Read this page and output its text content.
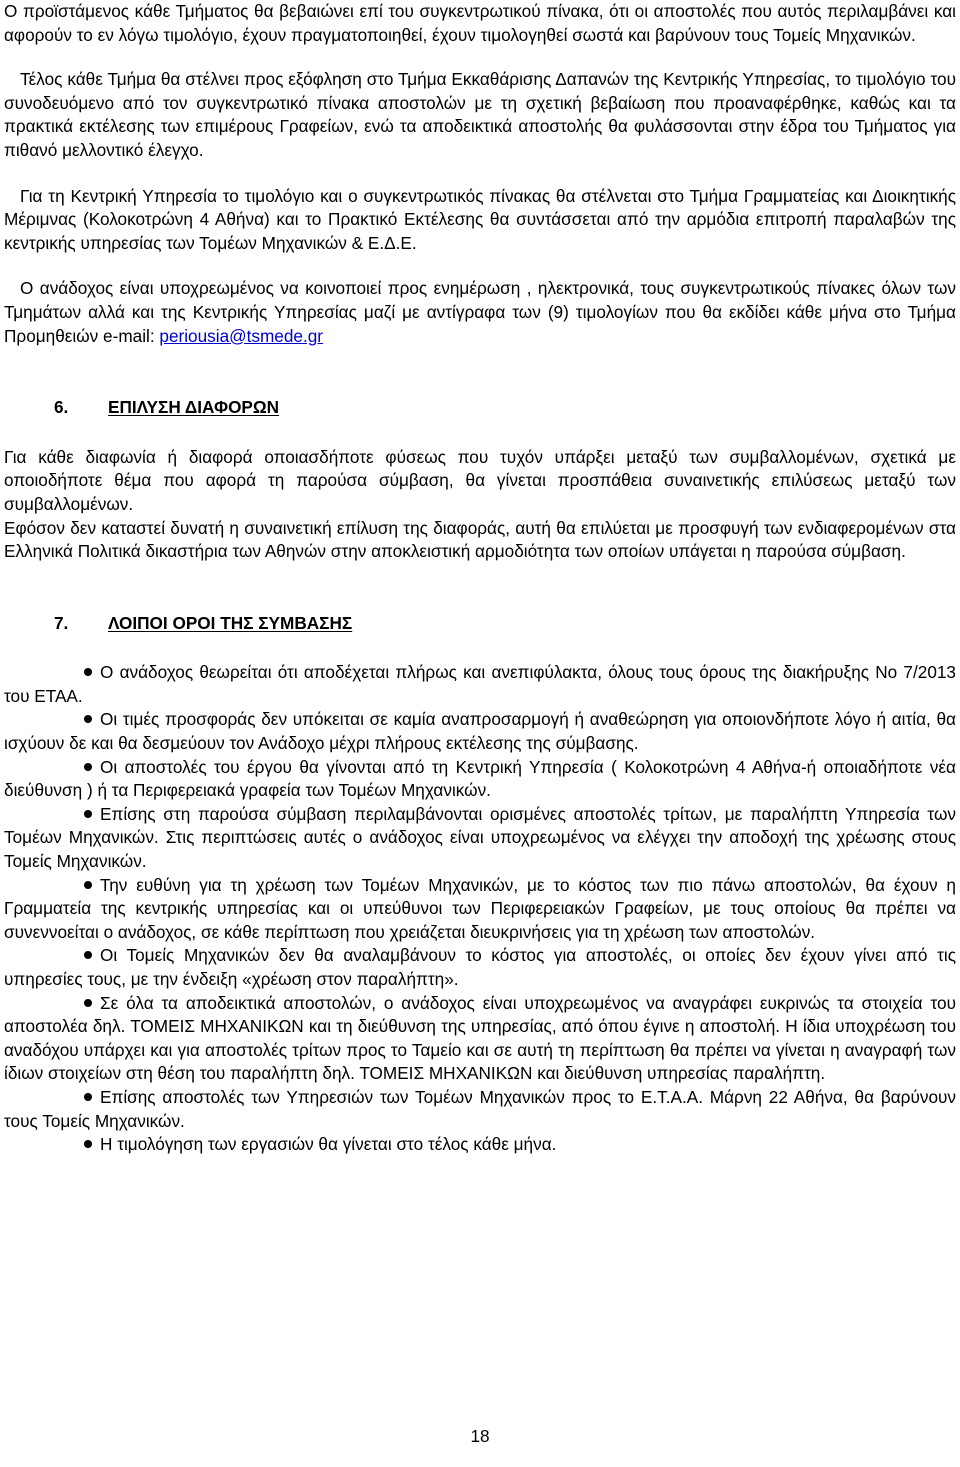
Ο προϊστάμενος κάθε Τμήματος θα βεβαιώνει επί του συγκεντρωτικού πίνακα, ότι οι αποστολές που αυτός περιλαμβάνει και αφορούν το εν λόγω τιμολόγιο, έχουν πραγματοποιηθεί, έχουν τιμολογηθεί σωστά και βαρύνουν τους Τομείς Μηχανικών.

Τέλος κάθε Τμήμα θα στέλνει προς εξόφληση στο Τμήμα Εκκαθάρισης Δαπανών της Κεντρικής Υπηρεσίας, το τιμολόγιο του συνοδευόμενο από τον συγκεντρωτικό πίνακα αποστολών με τη σχετική βεβαίωση που προαναφέρθηκε, καθώς και τα πρακτικά εκτέλεσης των επιμέρους Γραφείων, ενώ τα αποδεικτικά αποστολής θα φυλάσσονται στην έδρα του Τμήματος για πιθανό μελλοντικό έλεγχο.

Για τη Κεντρική Υπηρεσία το τιμολόγιο και ο συγκεντρωτικός πίνακας θα στέλνεται στο Τμήμα Γραμματείας και Διοικητικής Μέριμνας (Κολοκοτρώνη 4 Αθήνα) και το Πρακτικό Εκτέλεσης θα συντάσσεται από την αρμόδια επιτροπή παραλαβών της κεντρικής υπηρεσίας των Τομέων Μηχανικών & Ε.Δ.Ε.

Ο ανάδοχος είναι υποχρεωμένος να κοινοποιεί προς ενημέρωση , ηλεκτρονικά, τους συγκεντρωτικούς πίνακες όλων των Τμημάτων αλλά και της Κεντρικής Υπηρεσίας μαζί με αντίγραφα των (9) τιμολογίων που θα εκδίδει κάθε μήνα στο Τμήμα Προμηθειών e-mail: periousia@tsmede.gr

6. ΕΠΙΛΥΣΗ ΔΙΑΦΟΡΩΝ

Για κάθε διαφωνία ή διαφορά οποιασδήποτε φύσεως που τυχόν υπάρξει μεταξύ των συμβαλλομένων, σχετικά με οποιοδήποτε θέμα που αφορά τη παρούσα σύμβαση, θα γίνεται προσπάθεια συναινετικής επιλύσεως μεταξύ των συμβαλλομένων.

Εφόσον δεν καταστεί δυνατή η συναινετική επίλυση της διαφοράς, αυτή θα επιλύεται με προσφυγή των ενδιαφερομένων στα Ελληνικά Πολιτικά δικαστήρια των Αθηνών στην αποκλειστική αρμοδιότητα των οποίων υπάγεται η παρούσα σύμβαση.

7. ΛΟΙΠΟΙ ΟΡΟΙ ΤΗΣ ΣΥΜΒΑΣΗΣ
Ο ανάδοχος θεωρείται ότι αποδέχεται πλήρως και ανεπιφύλακτα, όλους τους όρους της διακήρυξης Νο 7/2013 του ΕΤΑΑ.
Οι τιμές προσφοράς δεν υπόκειται σε καμία αναπροσαρμογή ή αναθεώρηση για οποιονδήποτε λόγο ή αιτία, θα ισχύουν δε και θα δεσμεύουν τον Ανάδοχο μέχρι πλήρους εκτέλεσης της σύμβασης.
Οι αποστολές του έργου θα γίνονται από τη Κεντρική Υπηρεσία ( Κολοκοτρώνη 4 Αθήνα-ή οποιαδήποτε νέα διεύθυνση ) ή τα Περιφερειακά γραφεία των Τομέων Μηχανικών.
Επίσης στη παρούσα σύμβαση περιλαμβάνονται ορισμένες αποστολές τρίτων, με παραλήπτη Υπηρεσία των Τομέων Μηχανικών. Στις περιπτώσεις αυτές ο ανάδοχος είναι υποχρεωμένος να ελέγχει την αποδοχή της χρέωσης στους Τομείς Μηχανικών.
Την ευθύνη για τη χρέωση των Τομέων Μηχανικών, με το κόστος των πιο πάνω αποστολών, θα έχουν η Γραμματεία της κεντρικής υπηρεσίας και οι υπεύθυνοι των Περιφερειακών Γραφείων, με τους οποίους θα πρέπει να συνεννοείται ο ανάδοχος, σε κάθε περίπτωση που χρειάζεται διευκρινήσεις για τη χρέωση των αποστολών.
Οι Τομείς Μηχανικών δεν θα αναλαμβάνουν το κόστος για αποστολές, οι οποίες δεν έχουν γίνει από τις υπηρεσίες τους, με την ένδειξη «χρέωση στον παραλήπτη».
Σε όλα τα αποδεικτικά αποστολών, ο ανάδοχος είναι υποχρεωμένος να αναγράφει ευκρινώς τα στοιχεία του αποστολέα δηλ. ΤΟΜΕΙΣ ΜΗΧΑΝΙΚΩΝ και τη διεύθυνση της υπηρεσίας, από όπου έγινε η αποστολή. Η ίδια υποχρέωση του αναδόχου υπάρχει και για αποστολές τρίτων προς το Ταμείο και σε αυτή τη περίπτωση θα πρέπει να γίνεται η αναγραφή των ίδιων στοιχείων στη θέση του παραλήπτη δηλ. ΤΟΜΕΙΣ ΜΗΧΑΝΙΚΩΝ και διεύθυνση υπηρεσίας παραλήπτη.
Επίσης αποστολές των Υπηρεσιών των Τομέων Μηχανικών προς το Ε.Τ.Α.Α. Μάρνη 22 Αθήνα, θα βαρύνουν τους Τομείς Μηχανικών.
Η τιμολόγηση των εργασιών θα γίνεται στο τέλος κάθε μήνα.
18
